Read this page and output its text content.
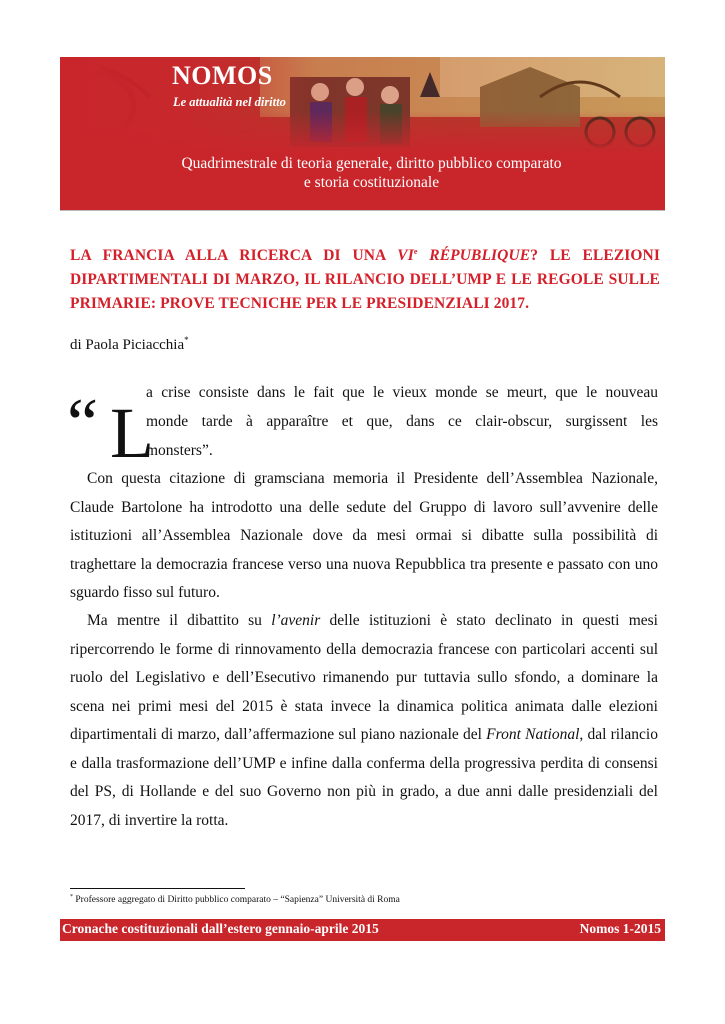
NOMOS
Le attualità nel diritto
Quadrimestrale di teoria generale, diritto pubblico comparato
e storia costituzionale
LA FRANCIA ALLA RICERCA DI UNA VIe RÉPUBLIQUE? LE ELEZIONI DIPARTIMENTALI DI MARZO, IL RILANCIO DELL’UMP E LE REGOLE SULLE PRIMARIE: PROVE TECNICHE PER LE PRESIDENZIALI 2017.
di Paola Piciacchia*
“ L
a crise consiste dans le fait que le vieux monde se meurt, que le nouveau
monde tarde à apparaître et que, dans ce clair-obscur, surgissent les
monsters”.
Con questa citazione di gramsciana memoria il Presidente dell’Assemblea Nazionale, Claude Bartolone ha introdotto una delle sedute del Gruppo di lavoro sull’avvenire delle istituzioni all’Assemblea Nazionale dove da mesi ormai si dibatte sulla possibilità di traghettare la democrazia francese verso una nuova Repubblica tra presente e passato con uno sguardo fisso sul futuro.
Ma mentre il dibattito su l’avenir delle istituzioni è stato declinato in questi mesi ripercorrendo le forme di rinnovamento della democrazia francese con particolari accenti sul ruolo del Legislativo e dell’Esecutivo rimanendo pur tuttavia sullo sfondo, a dominare la scena nei primi mesi del 2015 è stata invece la dinamica politica animata dalle elezioni dipartimentali di marzo, dall’affermazione sul piano nazionale del Front National, dal rilancio e dalla trasformazione dell’UMP e infine dalla conferma della progressiva perdita di consensi del PS, di Hollande e del suo Governo non più in grado, a due anni dalle presidenziali del 2017, di invertire la rotta.
* Professore aggregato di Diritto pubblico comparato – “Sapienza” Università di Roma
Cronache costituzionali dall’estero gennaio-aprile 2015	Nomos 1-2015
